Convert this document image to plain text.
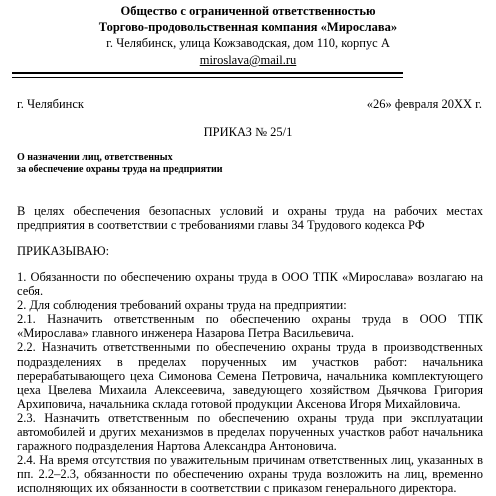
Общество с ограниченной ответственностью
Торгово-продовольственная компания «Мирослава»
г. Челябинск, улица Кожзаводская, дом 110, корпус А
miroslava@mail.ru
г. Челябинск	«26» февраля 20ХХ г.
ПРИКАЗ № 25/1
О назначении лиц, ответственных
за обеспечение охраны труда на предприятии

В целях обеспечения безопасных условий и охраны труда на рабочих местах предприятия в соответствии с требованиями главы 34 Трудового кодекса РФ

ПРИКАЗЫВАЮ:

1. Обязанности по обеспечению охраны труда в ООО ТПК «Мирослава» возлагаю на себя.

2. Для соблюдения требований охраны труда на предприятии:

2.1. Назначить ответственным по обеспечению охраны труда в ООО ТПК «Мирослава» главного инженера Назарова Петра Васильевича.

2.2. Назначить ответственными по обеспечению охраны труда в производственных подразделениях в пределах порученных им участков работ: начальника перерабатывающего цеха Симонова Семена Петровича, начальника комплектующего цеха Цвелева Михаила Алексеевича, заведующего хозяйством Дьячкова Григория Архиповича, начальника склада готовой продукции Аксенова Игоря Михайловича.

2.3. Назначить ответственным по обеспечению охраны труда при эксплуатации автомобилей и других механизмов в пределах порученных участков работ начальника гаражного подразделения Нартова Александра Антоновича.

2.4. На время отсутствия по уважительным причинам ответственных лиц, указанных в пп. 2.2–2.3, обязанности по обеспечению охраны труда возложить на лиц, временно исполняющих их обязанности в соответствии с приказом генерального директора.
